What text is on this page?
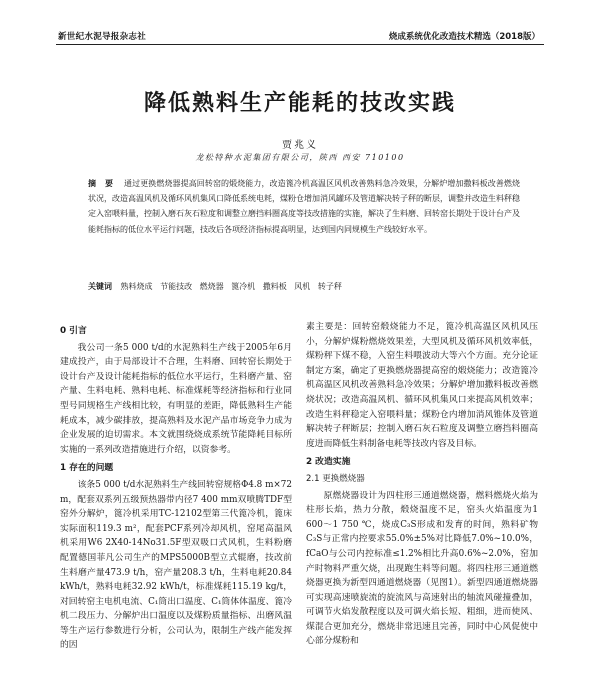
新世纪水泥导报杂志社	烧成系统优化改造技术精选（2018版）
降低熟料生产能耗的技改实践
贾兆义
龙松特种水泥集团有限公司，陕西 西安 710100
摘 要 通过更换燃烧器提高回转窑的煅烧能力，改造篦冷机高温区风机改善熟料急冷效果，分解炉增加撒料板改善燃烧状况，改造高温风机及循环风机集风口降低系统电耗，煤粉仓增加消风罐环及管道解决转子秤的断层，调整并改造生料秤稳定入窑喂料量，控制入磨石灰石粒度和调整立磨挡料圈高度等技改措施的实施，解决了生料磨、回转窑长期处于设计台产及能耗指标的低位水平运行问题，技改后各项经济指标提高明显，达到国内同规模生产线较好水平。
关键词 熟料烧成 节能技改 燃烧器 篦冷机 撒料板 风机 转子秤
0 引言

我公司一条5 000 t/d的水泥熟料生产线于2005年6月建成投产，由于局部设计不合理，生料磨、回转窑长期处于设计台产及设计能耗指标的低位水平运行，生料磨产量、窑产量、生料电耗、熟料电耗、标准煤耗等经济指标和行业同型号同规格生产线相比较，有明显的差距，降低熟料生产能耗成本，减少碳排放，提高熟料及水泥产品市场竞争力成为企业发展的迫切需求。本文就围绕烧成系统节能降耗目标所实施的一系列改造措施进行介绍，以资参考。

1 存在的问题

该条5 000 t/d水泥熟料生产线回转窑规格Φ4.8 m×72 m，配套双系列五级预热器带内径7 400 mm双喷腾TDF型窑外分解炉，篦冷机采用TC-12102型第三代篦冷机，篦床实际面积119.3 m²，配套PCF系列冷却风机，窑尾高温风机采用W6 2X40-14No31.5F型双吸口式风机，生料粉磨配置德国菲凡公司生产的MPS5000B型立式辊磨，技改前生料磨产量473.9 t/h，窑产量208.3 t/h，生料电耗20.84 kWh/t，熟料电耗32.92 kWh/t，标准煤耗115.19 kg/t，对回转窑主电机电流、C₁筒出口温度、C₁筒体体温度、篦冷机二段压力、分解炉出口温度以及煤粉质量指标、出磨风温等生产运行参数进行分析，公司认为，限制生产线产能发挥的因

素主要是：回转窑煅烧能力不足，篦冷机高温区风机风压小，分解炉煤粉燃烧效果差，大型风机及循环风机效率低，煤粉秤下煤不稳，入窑生料喂波动大等六个方面。充分论证制定方案，确定了更换燃烧器提高窑的煅烧能力；改造篦冷机高温区风机改善熟料急冷效果；分解炉增加撒料板改善燃烧状况；改造高温风机、循环风机集风口来提高风机效率；改造生料秤稳定入窑喂料量；煤粉仓内增加消风锥体及管道解决转子秤断层；控制入磨石灰石粒度及调整立磨挡料圈高度进而降低生料制备电耗等技改内容及目标。

2 改造实施
2.1 更换燃烧器

原燃烧器设计为四柱形三通道燃烧器，燃料燃烧火焰为柱形长焰，热力分散，煅烧温度不足，窑头火焰温度为1 600～1 750 ℃，烧成C₃S形成和发育的时间，熟料矿物C₃S与正常内控要求55.0%±5%对比降低7.0%~10.0%，fCaO与公司内控标准≤1.2%相比升高0.6%~2.0%，窑加产时物料严重欠烧，出现跑生料等问题。将四柱形三通道燃烧器更换为新型四通道燃烧器（见图1）。新型四通道燃烧器可实现高速喷旋流的旋流风与高速射出的轴流风碰撞叠加，可调节火焰发散程度以及可调火焰长短、粗细，进而使风、煤混合更加充分，燃烧非常迅速且完善，同时中心风促使中心部分煤粉和
